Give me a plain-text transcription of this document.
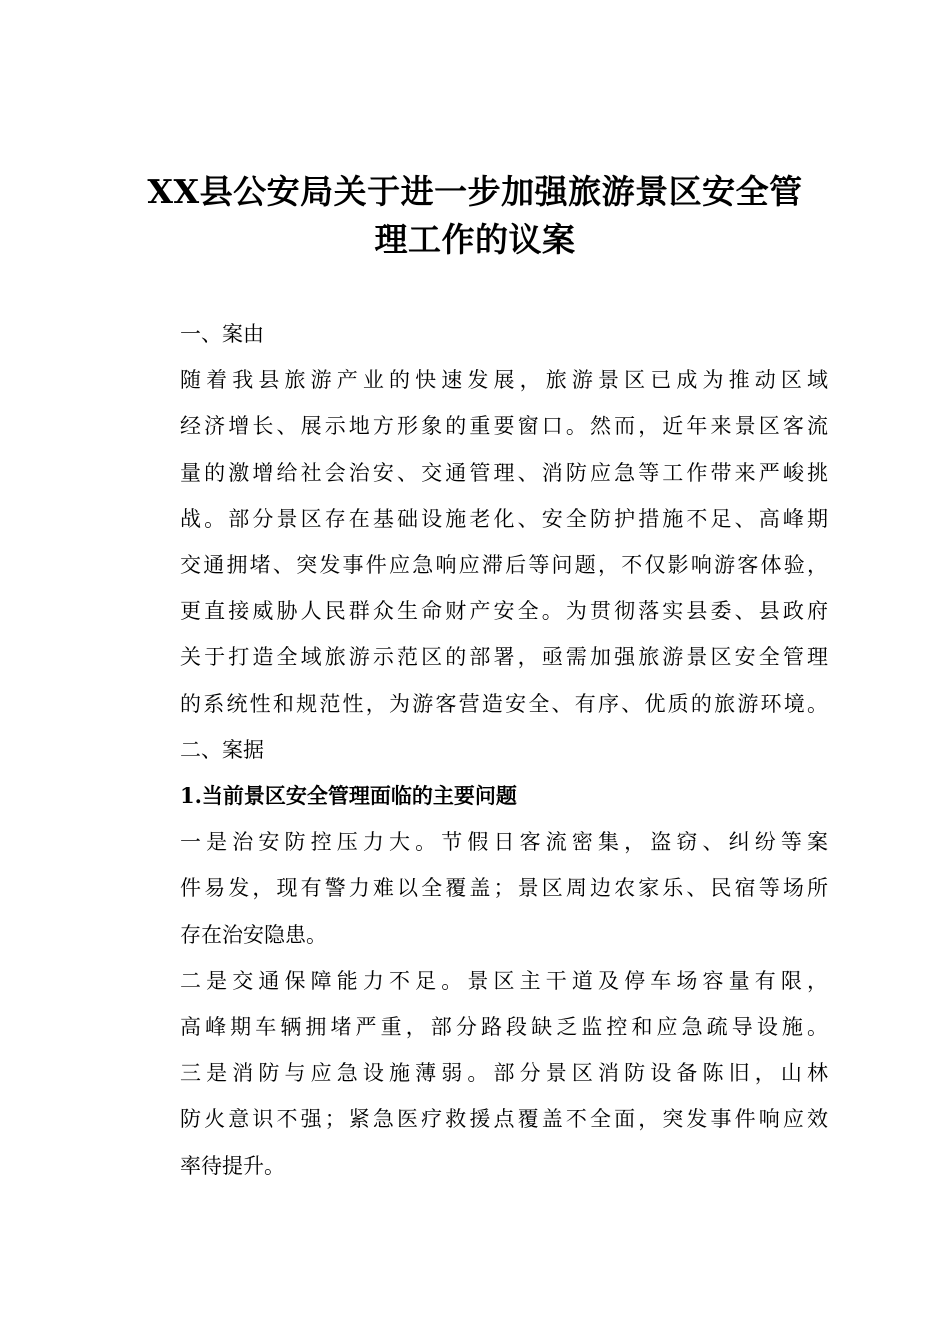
XX县公安局关于进一步加强旅游景区安全管
理工作的议案

一、案由

随着我县旅游产业的快速发展，旅游景区已成为推动区域
经济增长、展示地方形象的重要窗口。然而，近年来景区客流
量的激增给社会治安、交通管理、消防应急等工作带来严峻挑
战。部分景区存在基础设施老化、安全防护措施不足、高峰期
交通拥堵、突发事件应急响应滞后等问题，不仅影响游客体验，
更直接威胁人民群众生命财产安全。为贯彻落实县委、县政府
关于打造全域旅游示范区的部署，亟需加强旅游景区安全管理
的系统性和规范性，为游客营造安全、有序、优质的旅游环境。

二、案据

1.当前景区安全管理面临的主要问题

一是治安防控压力大。节假日客流密集，盗窃、纠纷等案
件易发，现有警力难以全覆盖；景区周边农家乐、民宿等场所
存在治安隐患。

二是交通保障能力不足。景区主干道及停车场容量有限，
高峰期车辆拥堵严重，部分路段缺乏监控和应急疏导设施。

三是消防与应急设施薄弱。部分景区消防设备陈旧，山林
防火意识不强；紧急医疗救援点覆盖不全面，突发事件响应效
率待提升。
